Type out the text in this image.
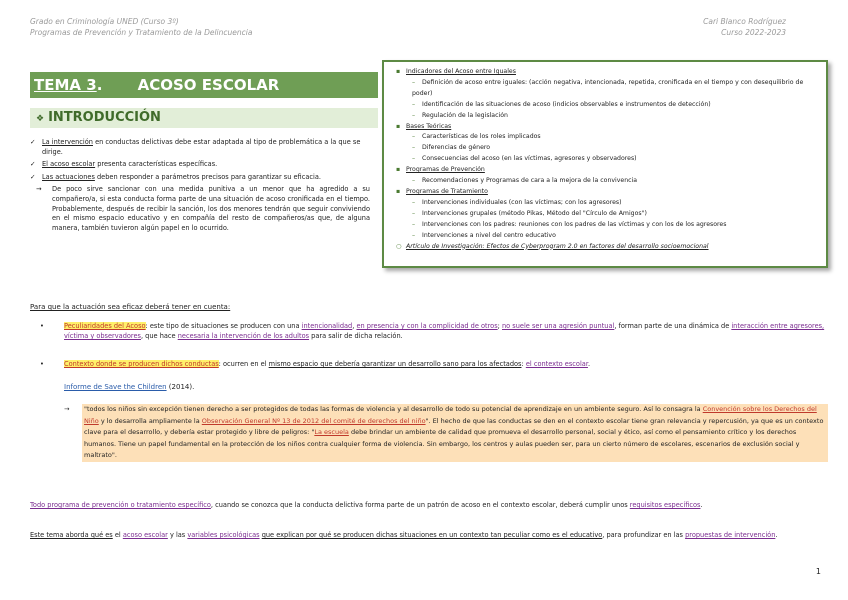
Grado en Criminología UNED (Curso 3º)
Programas de Prevención y Tratamiento de la Delincuencia
Cari Blanco Rodríguez
Curso 2022-2023
TEMA 3. ACOSO ESCOLAR
❖ INTRODUCCIÓN
▪ Indicadores del Acoso entre Iguales
– Definición de acoso entre iguales: (acción negativa, intencionada, repetida, cronificada en el tiempo y con desequilibrio de poder)
– Identificación de las situaciones de acoso (indicios observables e instrumentos de detección)
– Regulación de la legislación
▪ Bases Teóricas
– Características de los roles implicados
– Diferencias de género
– Consecuencias del acoso (en las víctimas, agresores y observadores)
▪ Programas de Prevención
– Recomendaciones y Programas de cara a la mejora de la convivencia
▪ Programas de Tratamiento
– Intervenciones individuales (con las víctimas; con los agresores)
– Intervenciones grupales (método Pikas, Método del "Círculo de Amigos")
– Intervenciones con los padres: reuniones con los padres de las víctimas y con los de los agresores
– Intervenciones a nivel del centro educativo
○ Artículo de Investigación: Efectos de Cyberprogram 2.0 en factores del desarrollo socioemocional
✓ La intervención en conductas delictivas debe estar adaptada al tipo de problemática a la que se dirige.
✓ El acoso escolar presenta características específicas.
✓ Las actuaciones deben responder a parámetros precisos para garantizar su eficacia.
→ De poco sirve sancionar con una medida punitiva a un menor que ha agredido a su compañero/a, si esta conducta forma parte de una situación de acoso cronificada en el tiempo. Probablemente, después de recibir la sanción, los dos menores tendrán que seguir conviviendo en el mismo espacio educativo y en compañía del resto de compañeros/as que, de alguna manera, también tuvieron algún papel en lo ocurrido.
Para que la actuación sea eficaz deberá tener en cuenta:
•	Peculiaridades del Acoso: este tipo de situaciones se producen con una intencionalidad, en presencia y con la complicidad de otros; no suele ser una agresión puntual, forman parte de una dinámica de interacción entre agresores, víctima y observadores, que hace necesaria la intervención de los adultos para salir de dicha relación.
•	Contexto donde se producen dichos conductas: ocurren en el mismo espacio que debería garantizar un desarrollo sano para los afectados: el contexto escolar.
Informe de Save the Children (2014).
→	"todos los niños sin excepción tienen derecho a ser protegidos de todas las formas de violencia y al desarrollo de todo su potencial de aprendizaje en un ambiente seguro. Así lo consagra la Convención sobre los Derechos del Niño y lo desarrolla ampliamente la Observación General Nº 13 de 2012 del comité de derechos del niño". El hecho de que las conductas se den en el contexto escolar tiene gran relevancia y repercusión, ya que es un contexto clave para el desarrollo, y debería estar protegido y libre de peligros: "La escuela debe brindar un ambiente de calidad que promueva el desarrollo personal, social y ético, así como el pensamiento crítico y los derechos humanos. Tiene un papel fundamental en la protección de los niños contra cualquier forma de violencia. Sin embargo, los centros y aulas pueden ser, para un cierto número de escolares, escenarios de exclusión social y maltrato".
Todo programa de prevención o tratamiento específico, cuando se conozca que la conducta delictiva forma parte de un patrón de acoso en el contexto escolar, deberá cumplir unos requisitos específicos.
Este tema aborda qué es el acoso escolar y las variables psicológicas que explican por qué se producen dichas situaciones en un contexto tan peculiar como es el educativo, para profundizar en las propuestas de intervención.
1
